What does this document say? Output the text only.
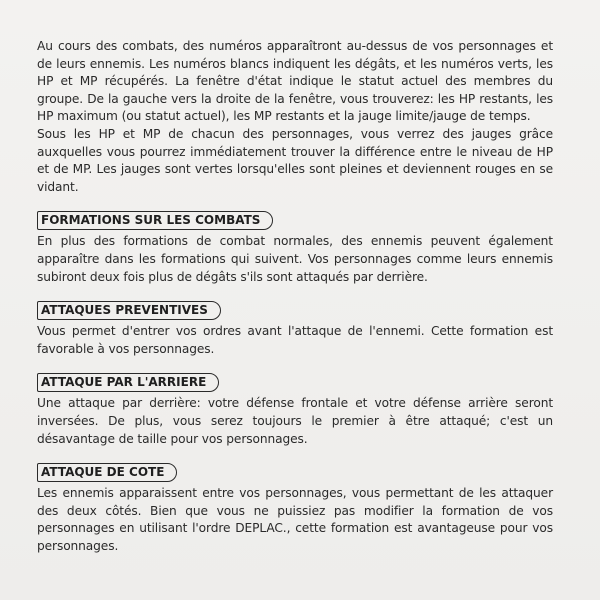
Au cours des combats, des numéros apparaîtront au-dessus de vos personnages et de leurs ennemis. Les numéros blancs indiquent les dégâts, et les numéros verts, les HP et MP récupérés. La fenêtre d'état indique le statut actuel des membres du groupe. De la gauche vers la droite de la fenêtre, vous trouverez: les HP restants, les HP maximum (ou statut actuel), les MP restants et la jauge limite/jauge de temps.

Sous les HP et MP de chacun des personnages, vous verrez des jauges grâce auxquelles vous pourrez immédiatement trouver la différence entre le niveau de HP et de MP. Les jauges sont vertes lorsqu'elles sont pleines et deviennent rouges en se vidant.

FORMATIONS SUR LES COMBATS

En plus des formations de combat normales, des ennemis peuvent également apparaître dans les formations qui suivent. Vos personnages comme leurs ennemis subiront deux fois plus de dégâts s'ils sont attaqués par derrière.

ATTAQUES PREVENTIVES

Vous permet d'entrer vos ordres avant l'attaque de l'ennemi. Cette formation est favorable à vos personnages.

ATTAQUE PAR L'ARRIERE

Une attaque par derrière: votre défense frontale et votre défense arrière seront inversées. De plus, vous serez toujours le premier à être attaqué; c'est un désavantage de taille pour vos personnages.

ATTAQUE DE COTE

Les ennemis apparaissent entre vos personnages, vous permettant de les attaquer des deux côtés. Bien que vous ne puissiez pas modifier la formation de vos personnages en utilisant l'ordre DEPLAC., cette formation est avantageuse pour vos personnages.
